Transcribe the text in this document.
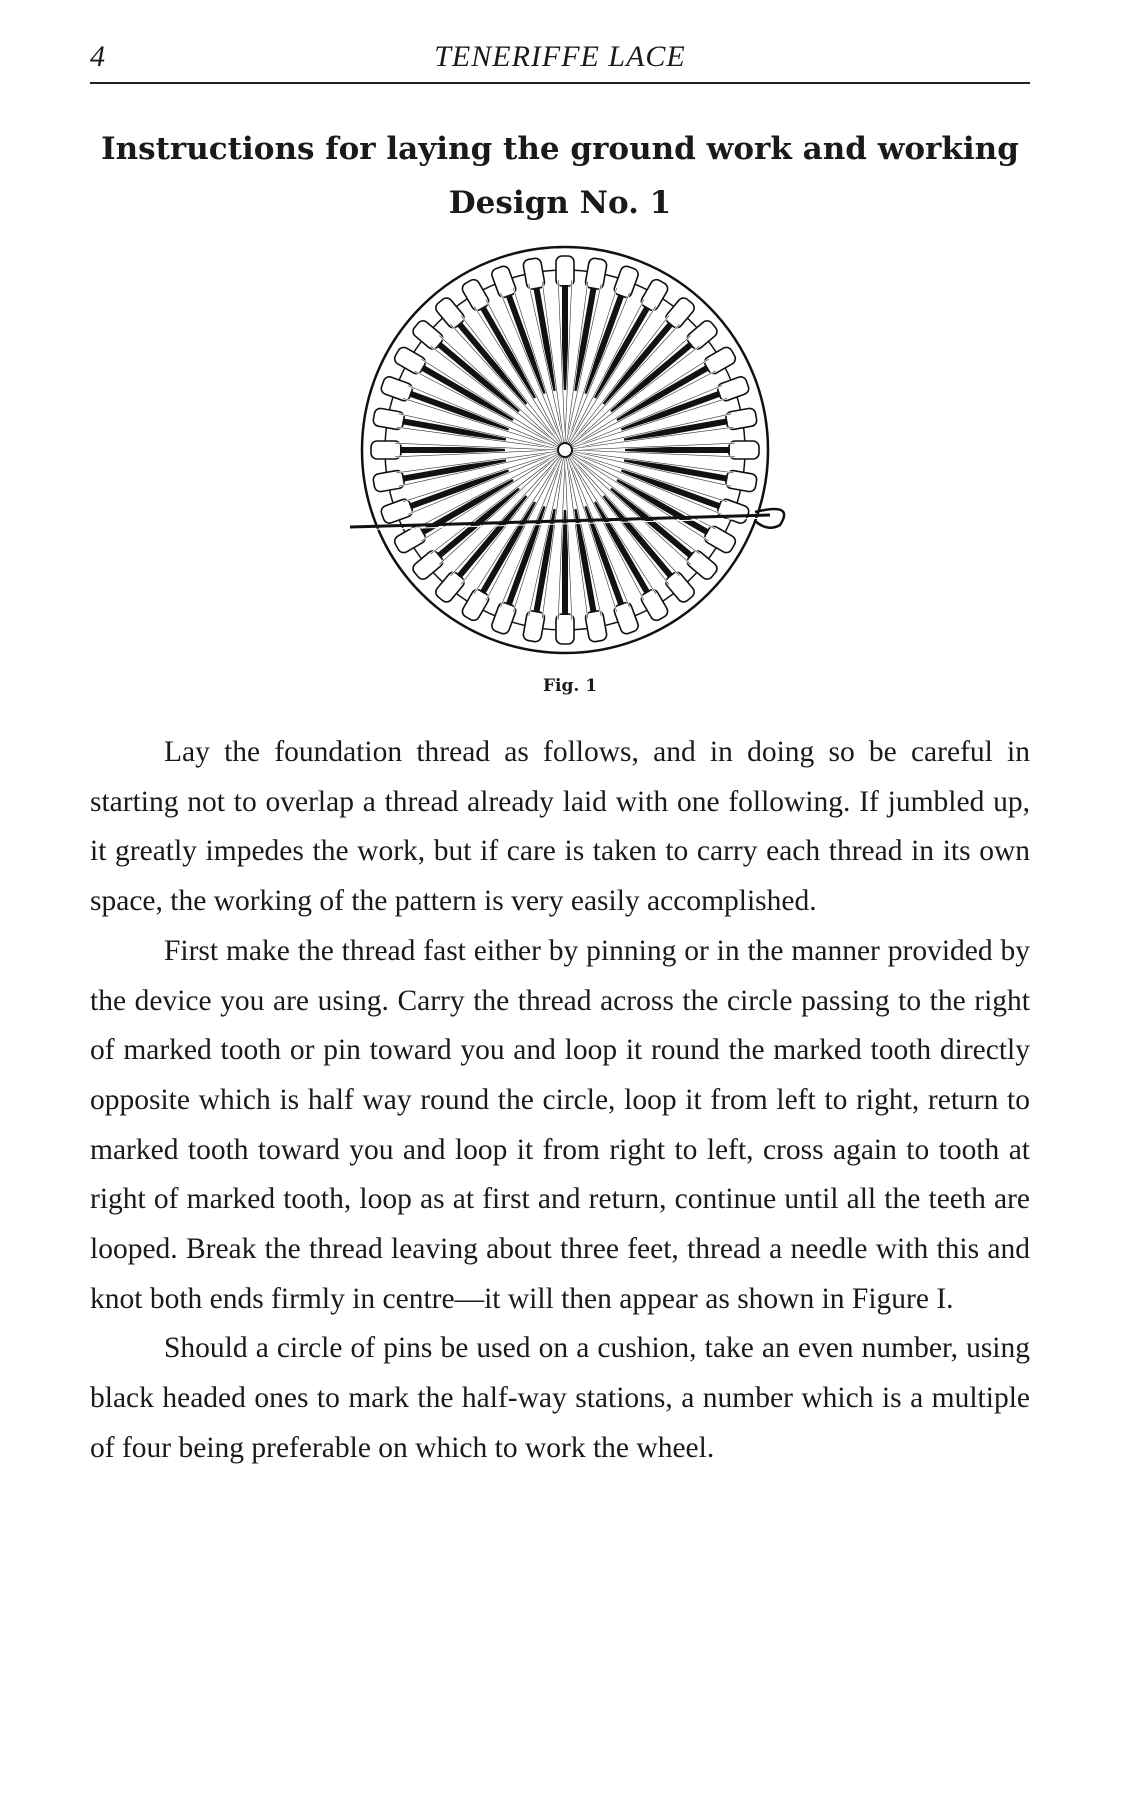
4	TENERIFFE LACE
Instructions for laying the ground work and working
Design No. 1
Fig. 1

Lay the foundation thread as follows, and in doing so be careful in starting not to overlap a thread already laid with one following. If jumbled up, it greatly impedes the work, but if care is taken to carry each thread in its own space, the working of the pattern is very easily accomplished.

First make the thread fast either by pinning or in the manner provided by the device you are using. Carry the thread across the circle passing to the right of marked tooth or pin toward you and loop it round the marked tooth directly opposite which is half way round the circle, loop it from left to right, return to marked tooth toward you and loop it from right to left, cross again to tooth at right of marked tooth, loop as at first and return, continue until all the teeth are looped. Break the thread leaving about three feet, thread a needle with this and knot both ends firmly in centre—it will then appear as shown in Figure I.

Should a circle of pins be used on a cushion, take an even number, using black headed ones to mark the half-way stations, a number which is a multiple of four being preferable on which to work the wheel.
